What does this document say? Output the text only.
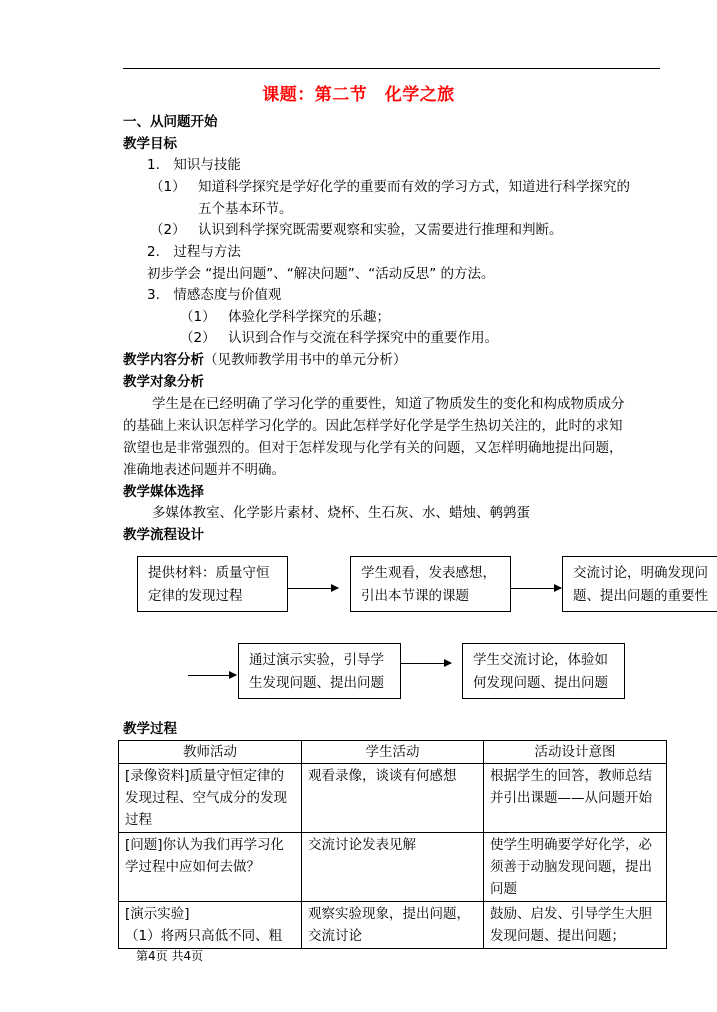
课题：第二节　化学之旅
一、从问题开始
教学目标
1.　知识与技能
（1） 知道科学探究是学好化学的重要而有效的学习方式，知道进行科学探究的
五个基本环节。
（2） 认识到科学探究既需要观察和实验，又需要进行推理和判断。
2.　过程与方法
初步学会 “提出问题”、“解决问题”、“活动反思” 的方法。
3.　情感态度与价值观
（1） 体验化学科学探究的乐趣；
（2） 认识到合作与交流在科学探究中的重要作用。
教学内容分析（见教师教学用书中的单元分析）
教学对象分析
学生是在已经明确了学习化学的重要性，知道了物质发生的变化和构成物质成分
的基础上来认识怎样学习化学的。因此怎样学好化学是学生热切关注的，此时的求知
欲望也是非常强烈的。但对于怎样发现与化学有关的问题，又怎样明确地提出问题，
准确地表述问题并不明确。
教学媒体选择
多媒体教室、化学影片素材、烧杯、生石灰、水、蜡烛、鹌鹑蛋
教学流程设计
提供材料：质量守恒定律的发现过程
学生观看，发表感想，引出本节课的课题
交流讨论，明确发现问题、提出问题的重要性
通过演示实验，引导学生发现问题、提出问题
学生交流讨论，体验如何发现问题、提出问题
教学过程
教师活动	学生活动	活动设计意图
[录像资料]质量守恒定律的发现过程、空气成分的发现过程	观看录像，谈谈有何感想	根据学生的回答，教师总结并引出课题——从问题开始
[问题]你认为我们再学习化学过程中应如何去做？	交流讨论发表见解	使学生明确要学好化学，必须善于动脑发现问题，提出问题
[演示实验]
（1）将两只高低不同、粗	观察实验现象，提出问题，交流讨论	鼓励、启发、引导学生大胆发现问题、提出问题；
第4页 共4页
